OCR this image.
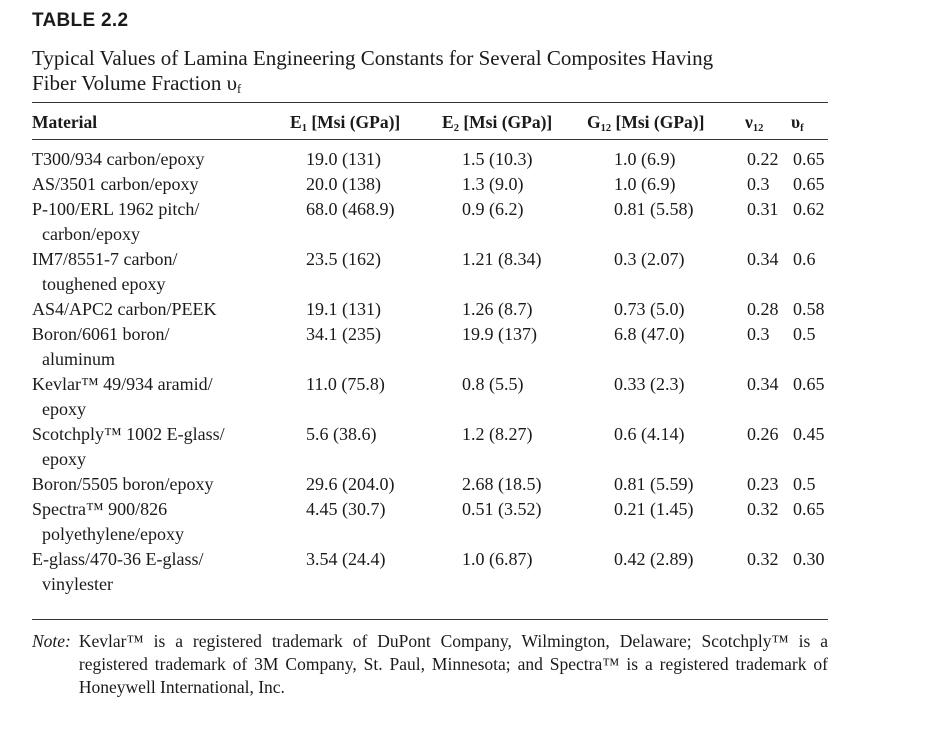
TABLE 2.2
Typical Values of Lamina Engineering Constants for Several Composites Having
Fiber Volume Fraction $\upsilon_f$
Material	$E_1$ [Msi (GPa)]	$E_2$ [Msi (GPa)]	$G_{12}$ [Msi (GPa)]	$\nu_{12}$	$\upsilon_f$
T300/934 carbon/epoxy	19.0 (131)	1.5 (10.3)	1.0 (6.9)	0.22	0.65
AS/3501 carbon/epoxy	20.0 (138)	1.3 (9.0)	1.0 (6.9)	0.3	0.65
P-100/ERL 1962 pitch/
carbon/epoxy	68.0 (468.9)	0.9 (6.2)	0.81 (5.58)	0.31	0.62
IM7/8551-7 carbon/
toughened epoxy	23.5 (162)	1.21 (8.34)	0.3 (2.07)	0.34	0.6
AS4/APC2 carbon/PEEK	19.1 (131)	1.26 (8.7)	0.73 (5.0)	0.28	0.58
Boron/6061 boron/
aluminum	34.1 (235)	19.9 (137)	6.8 (47.0)	0.3	0.5
Kevlar™ 49/934 aramid/
epoxy	11.0 (75.8)	0.8 (5.5)	0.33 (2.3)	0.34	0.65
Scotchply™ 1002 E-glass/
epoxy	5.6 (38.6)	1.2 (8.27)	0.6 (4.14)	0.26	0.45
Boron/5505 boron/epoxy	29.6 (204.0)	2.68 (18.5)	0.81 (5.59)	0.23	0.5
Spectra™ 900/826
polyethylene/epoxy	4.45 (30.7)	0.51 (3.52)	0.21 (1.45)	0.32	0.65
E-glass/470-36 E-glass/
vinylester	3.54 (24.4)	1.0 (6.87)	0.42 (2.89)	0.32	0.30
Note: Kevlar™ is a registered trademark of DuPont Company, Wilmington, Delaware; Scotchply™ is a registered trademark of 3M Company, St. Paul, Minnesota; and Spectra™ is a registered trademark of Honeywell International, Inc.
